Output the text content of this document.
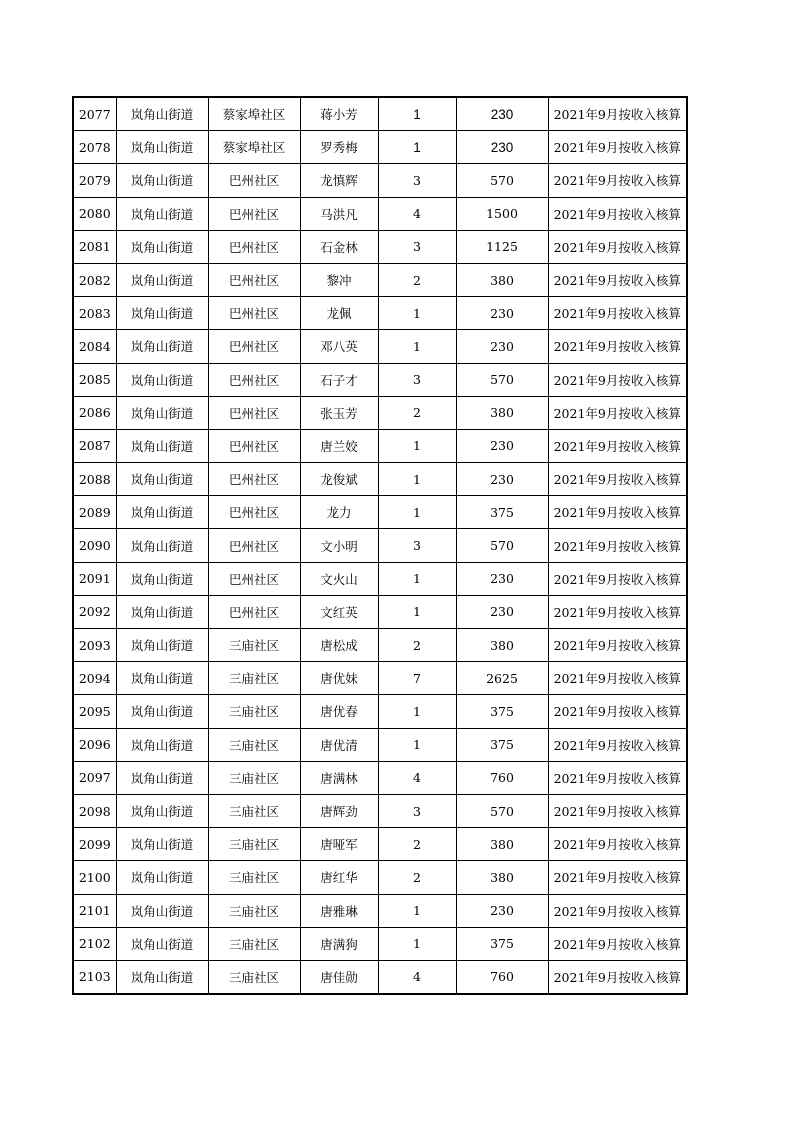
2077	岚角山街道	蔡家埠社区	蒋小芳	1	230	2021年9月按收入核算
2078	岚角山街道	蔡家埠社区	罗秀梅	1	230	2021年9月按收入核算
2079	岚角山街道	巴州社区	龙慎辉	3	570	2021年9月按收入核算
2080	岚角山街道	巴州社区	马洪凡	4	1500	2021年9月按收入核算
2081	岚角山街道	巴州社区	石金林	3	1125	2021年9月按收入核算
2082	岚角山街道	巴州社区	黎冲	2	380	2021年9月按收入核算
2083	岚角山街道	巴州社区	龙佩	1	230	2021年9月按收入核算
2084	岚角山街道	巴州社区	邓八英	1	230	2021年9月按收入核算
2085	岚角山街道	巴州社区	石子才	3	570	2021年9月按收入核算
2086	岚角山街道	巴州社区	张玉芳	2	380	2021年9月按收入核算
2087	岚角山街道	巴州社区	唐兰姣	1	230	2021年9月按收入核算
2088	岚角山街道	巴州社区	龙俊斌	1	230	2021年9月按收入核算
2089	岚角山街道	巴州社区	龙力	1	375	2021年9月按收入核算
2090	岚角山街道	巴州社区	文小明	3	570	2021年9月按收入核算
2091	岚角山街道	巴州社区	文火山	1	230	2021年9月按收入核算
2092	岚角山街道	巴州社区	文红英	1	230	2021年9月按收入核算
2093	岚角山街道	三庙社区	唐松成	2	380	2021年9月按收入核算
2094	岚角山街道	三庙社区	唐优妹	7	2625	2021年9月按收入核算
2095	岚角山街道	三庙社区	唐优春	1	375	2021年9月按收入核算
2096	岚角山街道	三庙社区	唐优清	1	375	2021年9月按收入核算
2097	岚角山街道	三庙社区	唐满林	4	760	2021年9月按收入核算
2098	岚角山街道	三庙社区	唐辉劲	3	570	2021年9月按收入核算
2099	岚角山街道	三庙社区	唐哑军	2	380	2021年9月按收入核算
2100	岚角山街道	三庙社区	唐红华	2	380	2021年9月按收入核算
2101	岚角山街道	三庙社区	唐雅琳	1	230	2021年9月按收入核算
2102	岚角山街道	三庙社区	唐满狗	1	375	2021年9月按收入核算
2103	岚角山街道	三庙社区	唐佳勋	4	760	2021年9月按收入核算
